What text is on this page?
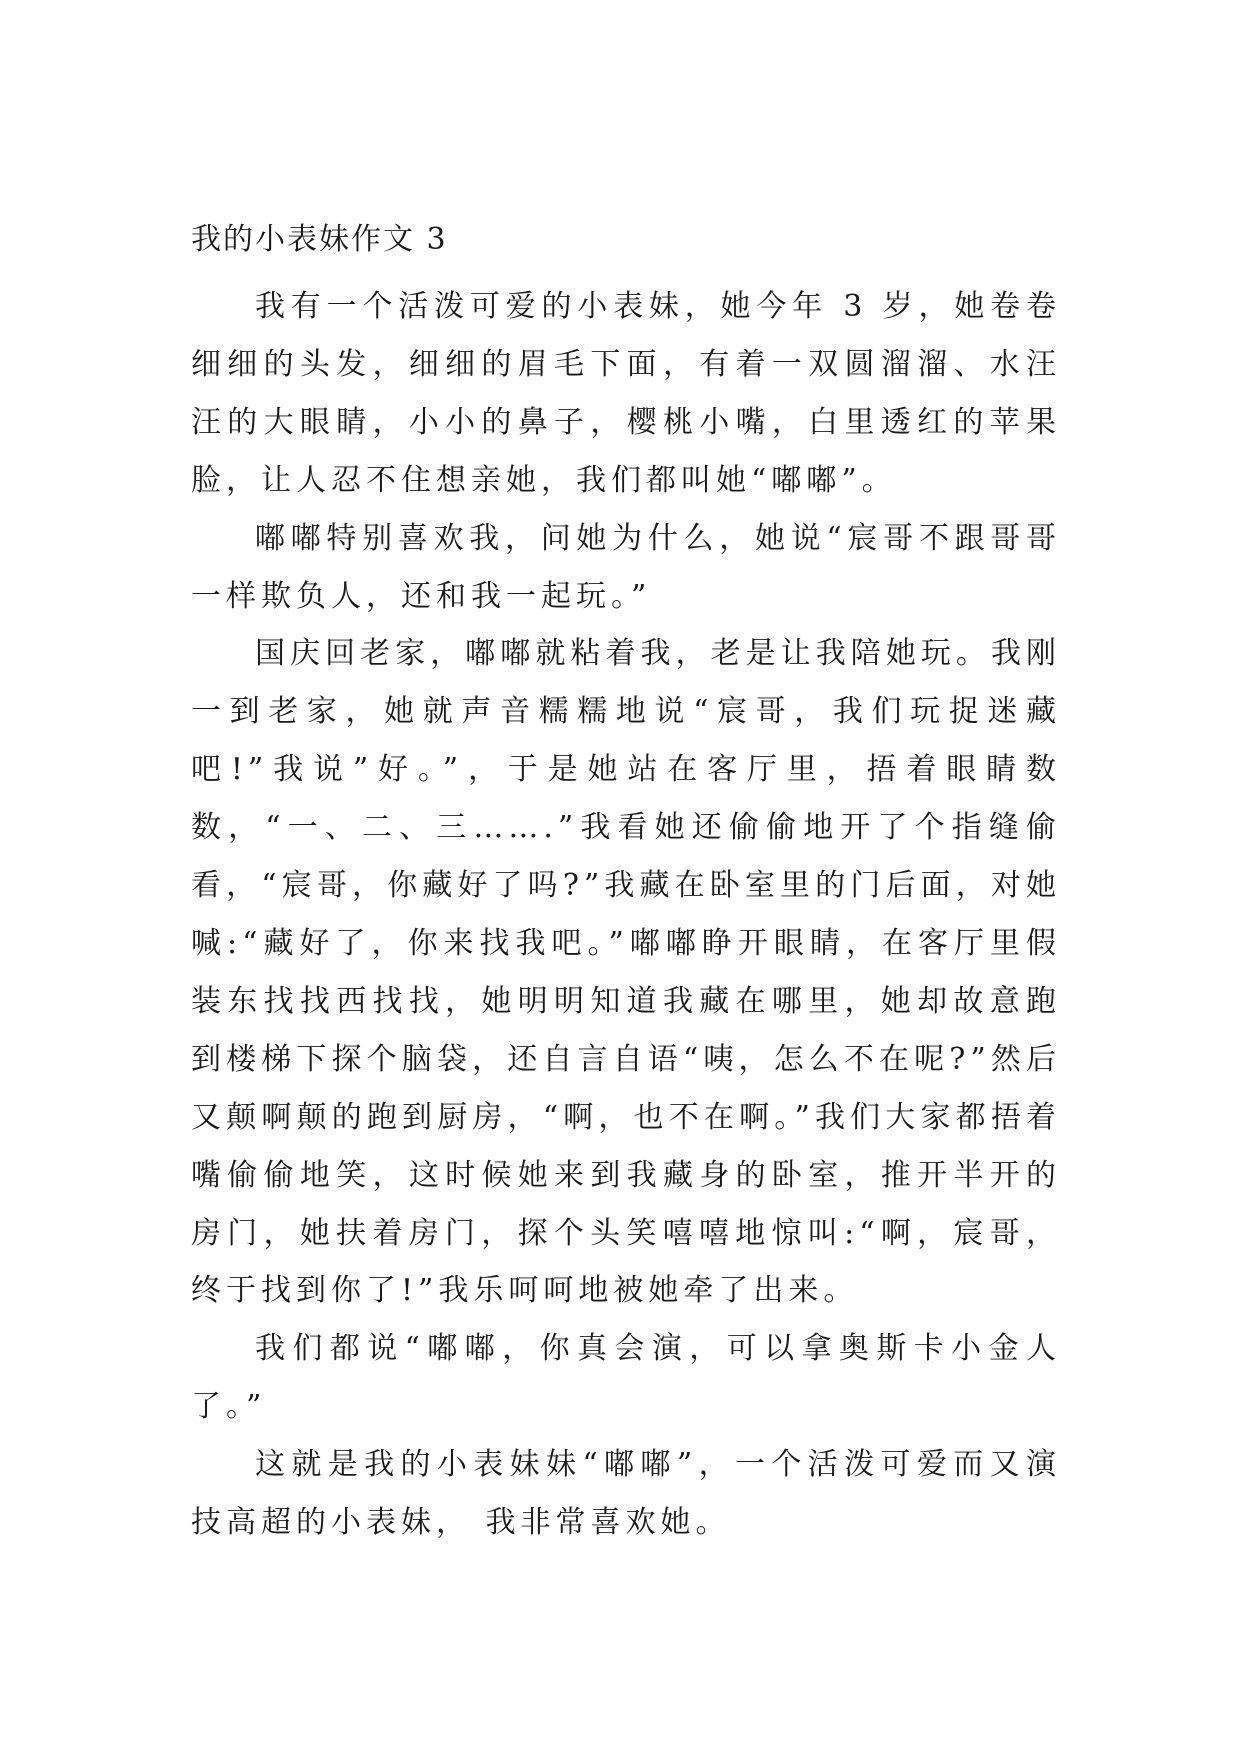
我的小表妹作文 3

我有一个活泼可爱的小表妹，她今年 3 岁，她卷卷细细的头发，细细的眉毛下面，有着一双圆溜溜、水汪汪的大眼睛，小小的鼻子，樱桃小嘴，白里透红的苹果脸，让人忍不住想亲她，我们都叫她“嘟嘟”。

嘟嘟特别喜欢我，问她为什么，她说“宸哥不跟哥哥一样欺负人，还和我一起玩。”

国庆回老家，嘟嘟就粘着我，老是让我陪她玩。我刚一到老家，她就声音糯糯地说“宸哥，我们玩捉迷藏吧!”我说”好。”，于是她站在客厅里，捂着眼睛数数，“一、二、三…….”我看她还偷偷地开了个指缝偷看，“宸哥，你藏好了吗?”我藏在卧室里的门后面，对她喊:“藏好了，你来找我吧。”嘟嘟睁开眼睛，在客厅里假装东找找西找找，她明明知道我藏在哪里，她却故意跑到楼梯下探个脑袋，还自言自语“咦，怎么不在呢?”然后又颠啊颠的跑到厨房，“啊，也不在啊。”我们大家都捂着嘴偷偷地笑，这时候她来到我藏身的卧室，推开半开的房门，她扶着房门，探个头笑嘻嘻地惊叫:“啊，宸哥，终于找到你了!”我乐呵呵地被她牵了出来。

我们都说“嘟嘟，你真会演，可以拿奥斯卡小金人了。”

这就是我的小表妹妹“嘟嘟”，一个活泼可爱而又演技高超的小表妹， 我非常喜欢她。
